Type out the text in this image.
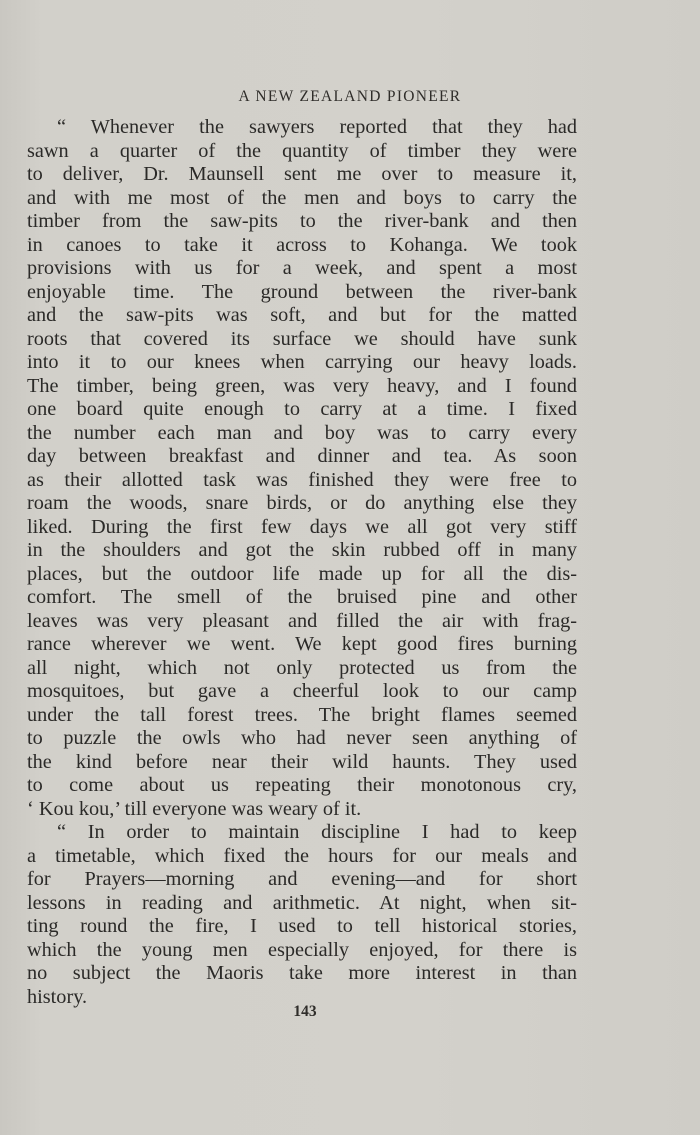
A NEW ZEALAND PIONEER
“ Whenever the sawyers reported that they had
sawn a quarter of the quantity of timber they were
to deliver, Dr. Maunsell sent me over to measure it,
and with me most of the men and boys to carry the
timber from the saw-pits to the river-bank and then
in canoes to take it across to Kohanga. We took
provisions with us for a week, and spent a most
enjoyable time. The ground between the river-bank
and the saw-pits was soft, and but for the matted
roots that covered its surface we should have sunk
into it to our knees when carrying our heavy loads.
The timber, being green, was very heavy, and I found
one board quite enough to carry at a time. I fixed
the number each man and boy was to carry every
day between breakfast and dinner and tea. As soon
as their allotted task was finished they were free to
roam the woods, snare birds, or do anything else they
liked. During the first few days we all got very stiff
in the shoulders and got the skin rubbed off in many
places, but the outdoor life made up for all the dis-
comfort. The smell of the bruised pine and other
leaves was very pleasant and filled the air with frag-
rance wherever we went. We kept good fires burning
all night, which not only protected us from the
mosquitoes, but gave a cheerful look to our camp
under the tall forest trees. The bright flames seemed
to puzzle the owls who had never seen anything of
the kind before near their wild haunts. They used
to come about us repeating their monotonous cry,
‘ Kou kou,’ till everyone was weary of it.
“ In order to maintain discipline I had to keep
a timetable, which fixed the hours for our meals and
for Prayers—morning and evening—and for short
lessons in reading and arithmetic. At night, when sit-
ting round the fire, I used to tell historical stories,
which the young men especially enjoyed, for there is
no subject the Maoris take more interest in than
history.
143
